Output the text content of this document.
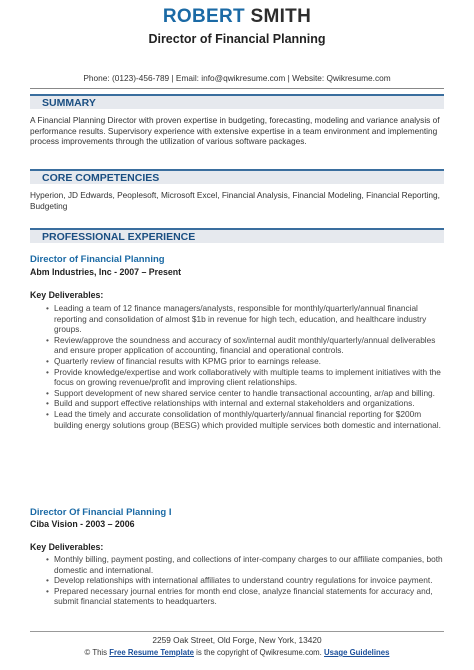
ROBERT SMITH
Director of Financial Planning
Phone: (0123)-456-789 | Email: info@qwikresume.com | Website: Qwikresume.com
SUMMARY
A Financial Planning Director with proven expertise in budgeting, forecasting, modeling and variance analysis of performance results. Supervisory experience with extensive expertise in a team environment and implementing process improvements through the utilization of various software packages.
CORE COMPETENCIES
Hyperion, JD Edwards, Peoplesoft, Microsoft Excel, Financial Analysis, Financial Modeling, Financial Reporting, Budgeting
PROFESSIONAL EXPERIENCE
Director of Financial Planning
Abm Industries, Inc - 2007 – Present
Key Deliverables:
• Leading a team of 12 finance managers/analysts, responsible for monthly/quarterly/annual financial reporting and consolidation of almost $1b in revenue for high tech, education, and healthcare industry groups.
• Review/approve the soundness and accuracy of sox/internal audit monthly/quarterly/annual deliverables and ensure proper application of accounting, financial and operational controls.
• Quarterly review of financial results with KPMG prior to earnings release.
• Provide knowledge/expertise and work collaboratively with multiple teams to implement initiatives with the focus on growing revenue/profit and improving client relationships.
• Support development of new shared service center to handle transactional accounting, ar/ap and billing.
• Build and support effective relationships with internal and external stakeholders and organizations.
• Lead the timely and accurate consolidation of monthly/quarterly/annual financial reporting for $200m building energy solutions group (BESG) which provided multiple services both domestic and international.
Director Of Financial Planning I
Ciba Vision - 2003 – 2006
Key Deliverables:
• Monthly billing, payment posting, and collections of inter-company charges to our affiliate companies, both domestic and international.
• Develop relationships with international affiliates to understand country regulations for invoice payment.
• Prepared necessary journal entries for month end close, analyze financial statements for accuracy and, submit financial statements to headquarters.
2259 Oak Street, Old Forge, New York, 13420
© This Free Resume Template is the copyright of Qwikresume.com. Usage Guidelines
